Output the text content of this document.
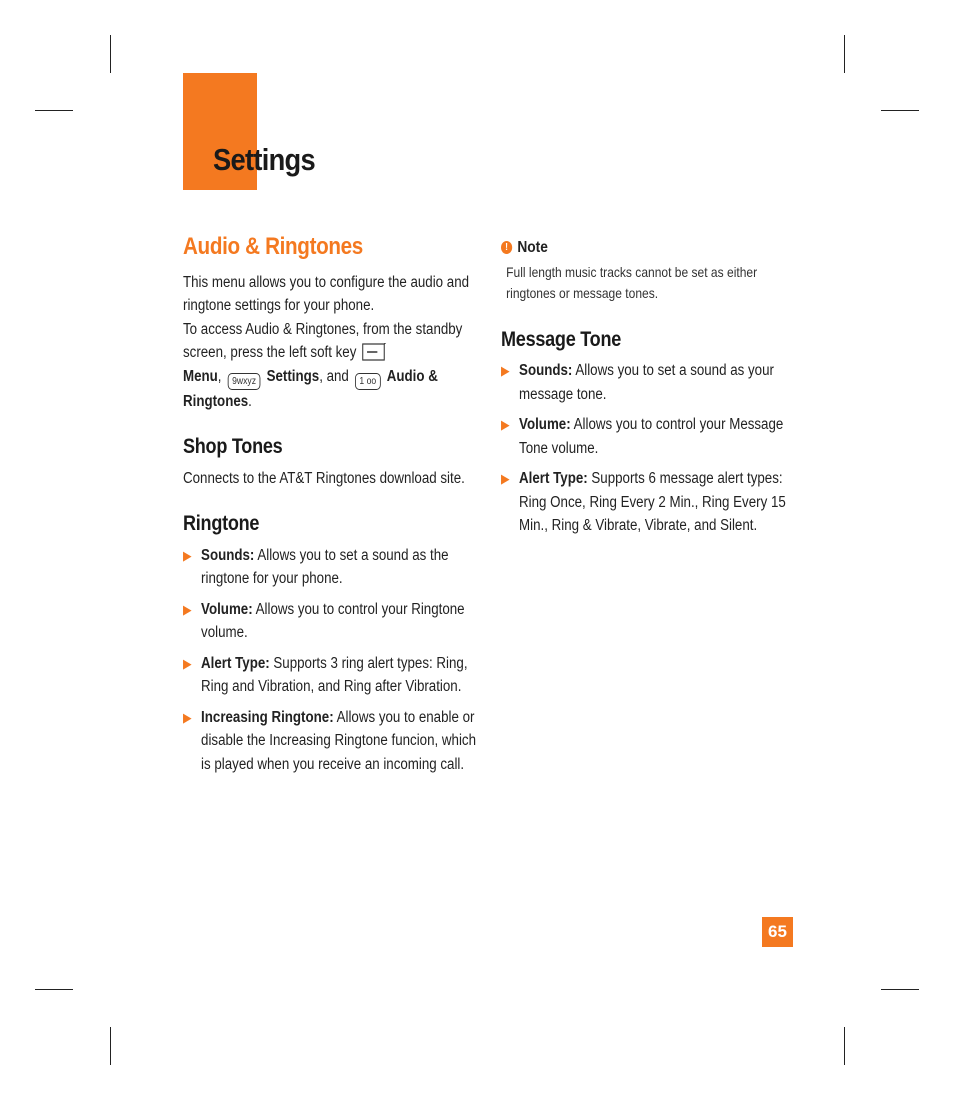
Settings
Audio & Ringtones

This menu allows you to configure the audio and ringtone settings for your phone.
To access Audio & Ringtones, from the standby screen, press the left soft key
Menu, 9wxyz Settings, and 1 oo Audio & Ringtones.

Shop Tones

Connects to the AT&T Ringtones download site.

Ringtone
▶ Sounds: Allows you to set a sound as the ringtone for your phone.
▶ Volume: Allows you to control your Ringtone volume.
▶ Alert Type: Supports 3 ring alert types: Ring, Ring and Vibration, and Ring after Vibration.
▶ Increasing Ringtone: Allows you to enable or disable the Increasing Ringtone funcion, which is played when you receive an incoming call.
! Note

Full length music tracks cannot be set as either ringtones or message tones.

Message Tone
▶ Sounds: Allows you to set a sound as your message tone.
▶ Volume: Allows you to control your Message Tone volume.
▶ Alert Type: Supports 6 message alert types: Ring Once, Ring Every 2 Min., Ring Every 15 Min., Ring & Vibrate, Vibrate, and Silent.
65
